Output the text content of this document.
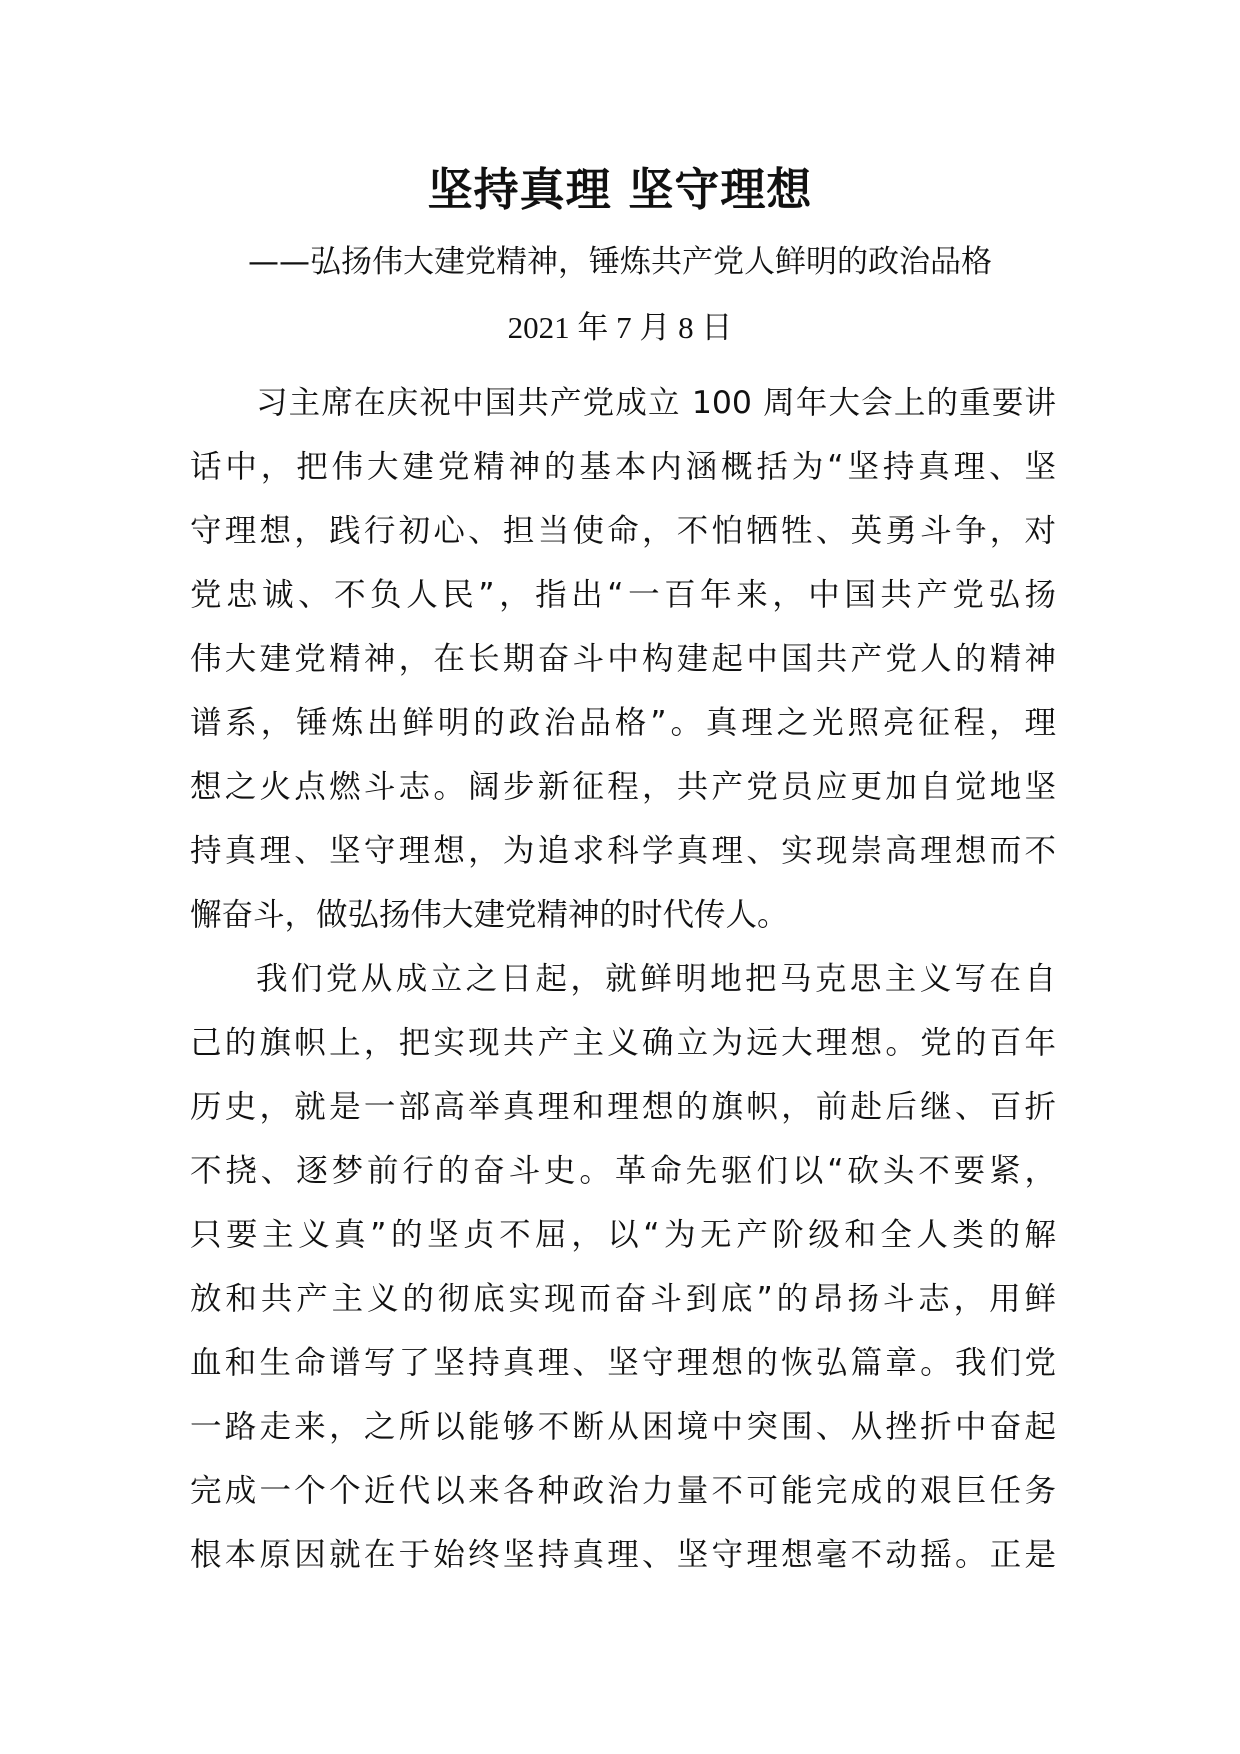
坚持真理 坚守理想
——弘扬伟大建党精神，锤炼共产党人鲜明的政治品格
2021 年 7 月 8 日
习主席在庆祝中国共产党成立 100 周年大会上的重要讲
话中，把伟大建党精神的基本内涵概括为“坚持真理、坚
守理想，践行初心、担当使命，不怕牺牲、英勇斗争，对
党忠诚、不负人民”，指出“一百年来，中国共产党弘扬
伟大建党精神，在长期奋斗中构建起中国共产党人的精神
谱系，锤炼出鲜明的政治品格”。真理之光照亮征程，理
想之火点燃斗志。阔步新征程，共产党员应更加自觉地坚
持真理、坚守理想，为追求科学真理、实现崇高理想而不
懈奋斗，做弘扬伟大建党精神的时代传人。
我们党从成立之日起，就鲜明地把马克思主义写在自
己的旗帜上，把实现共产主义确立为远大理想。党的百年
历史，就是一部高举真理和理想的旗帜，前赴后继、百折
不挠、逐梦前行的奋斗史。革命先驱们以“砍头不要紧，
只要主义真”的坚贞不屈，以“为无产阶级和全人类的解
放和共产主义的彻底实现而奋斗到底”的昂扬斗志，用鲜
血和生命谱写了坚持真理、坚守理想的恢弘篇章。我们党
一路走来，之所以能够不断从困境中突围、从挫折中奋起
完成一个个近代以来各种政治力量不可能完成的艰巨任务
根本原因就在于始终坚持真理、坚守理想毫不动摇。正是
